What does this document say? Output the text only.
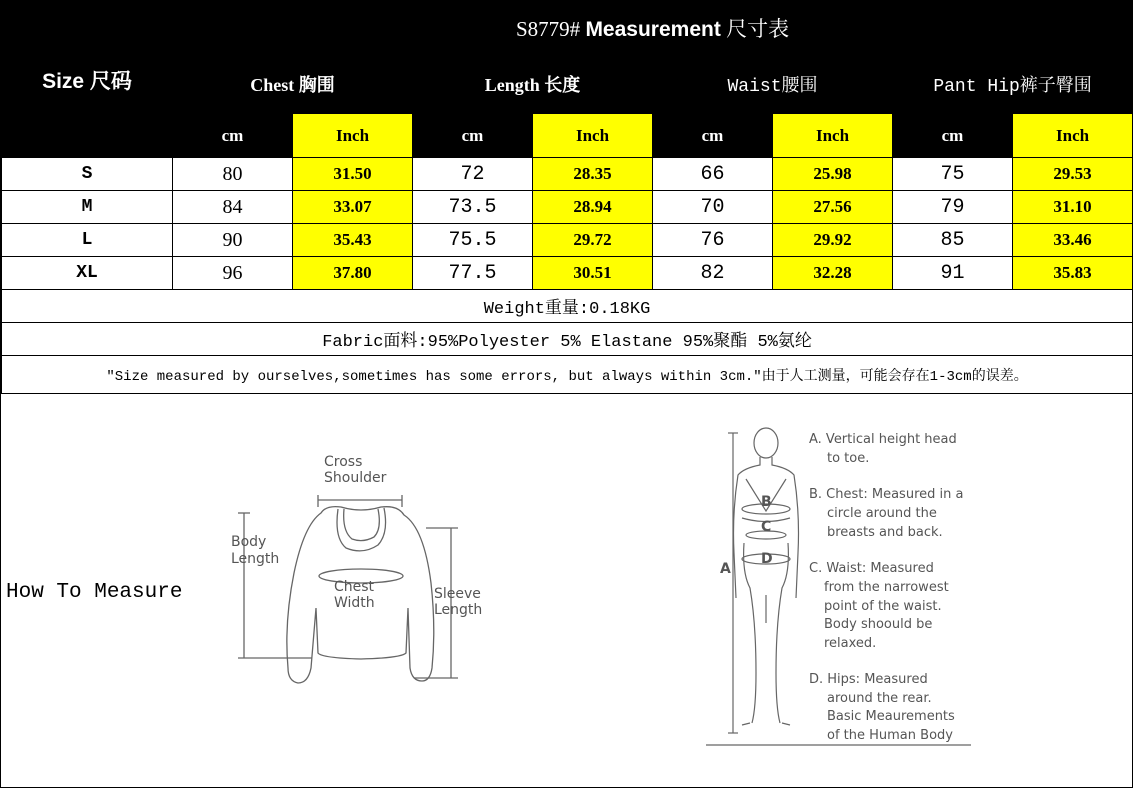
Size 尺码	S8779# Measurement 尺寸表							
	Chest 胸围		Length 长度		Waist腰围		Pant Hip裤子臀围	
	cm	Inch	cm	Inch	cm	Inch	cm	Inch
S	80	31.50	72	28.35	66	25.98	75	29.53
M	84	33.07	73.5	28.94	70	27.56	79	31.10
L	90	35.43	75.5	29.72	76	29.92	85	33.46
XL	96	37.80	77.5	30.51	82	32.28	91	35.83
Weight重量:0.18KG								
Fabric面料:95%Polyester 5% Elastane 95%聚酯 5%氨纶								
"Size measured by ourselves,sometimes has some errors, but always within 3cm."由于人工测量，可能会存在1-3cm的误差。								
How To Measure
Cross
Shoulder
Body
Length
Chest
Width
Sleeve
Length
B
C
D
A
A. Vertical height head
to toe.
B. Chest: Measured in a
circle around the
breasts and back.
C. Waist: Measured
from the narrowest
point of the waist.
Body shoould be
relaxed.
D. Hips: Measured
around the rear.
Basic Meaurements
of the Human Body
